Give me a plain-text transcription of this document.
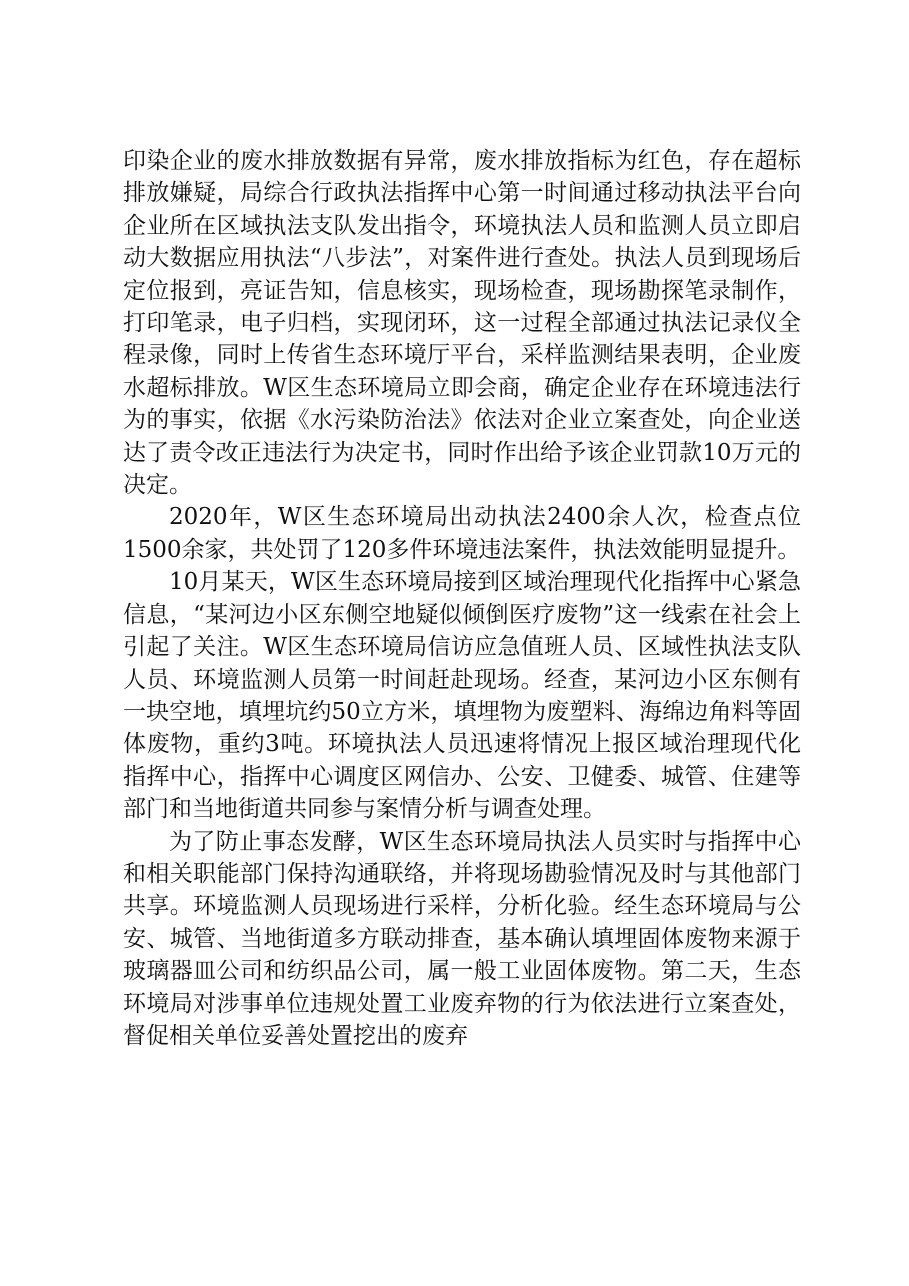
印染企业的废水排放数据有异常，废水排放指标为红色，存在超标排放嫌疑，局综合行政执法指挥中心第一时间通过移动执法平台向企业所在区域执法支队发出指令，环境执法人员和监测人员立即启动大数据应用执法“八步法”，对案件进行查处。执法人员到现场后定位报到，亮证告知，信息核实，现场检查，现场勘探笔录制作，打印笔录，电子归档，实现闭环，这一过程全部通过执法记录仪全程录像，同时上传省生态环境厅平台，采样监测结果表明，企业废水超标排放。W区生态环境局立即会商，确定企业存在环境违法行为的事实，依据《水污染防治法》依法对企业立案查处，向企业送达了责令改正违法行为决定书，同时作出给予该企业罚款10万元的决定。

2020年，W区生态环境局出动执法2400余人次，检查点位1500余家，共处罚了120多件环境违法案件，执法效能明显提升。

10月某天，W区生态环境局接到区域治理现代化指挥中心紧急信息，“某河边小区东侧空地疑似倾倒医疗废物”这一线索在社会上引起了关注。W区生态环境局信访应急值班人员、区域性执法支队人员、环境监测人员第一时间赶赴现场。经查，某河边小区东侧有一块空地，填埋坑约50立方米，填埋物为废塑料、海绵边角料等固体废物，重约3吨。环境执法人员迅速将情况上报区域治理现代化指挥中心，指挥中心调度区网信办、公安、卫健委、城管、住建等部门和当地街道共同参与案情分析与调查处理。

为了防止事态发酵，W区生态环境局执法人员实时与指挥中心和相关职能部门保持沟通联络，并将现场勘验情况及时与其他部门共享。环境监测人员现场进行采样，分析化验。经生态环境局与公安、城管、当地街道多方联动排查，基本确认填埋固体废物来源于玻璃器皿公司和纺织品公司，属一般工业固体废物。第二天，生态环境局对涉事单位违规处置工业废弃物的行为依法进行立案查处，督促相关单位妥善处置挖出的废弃
